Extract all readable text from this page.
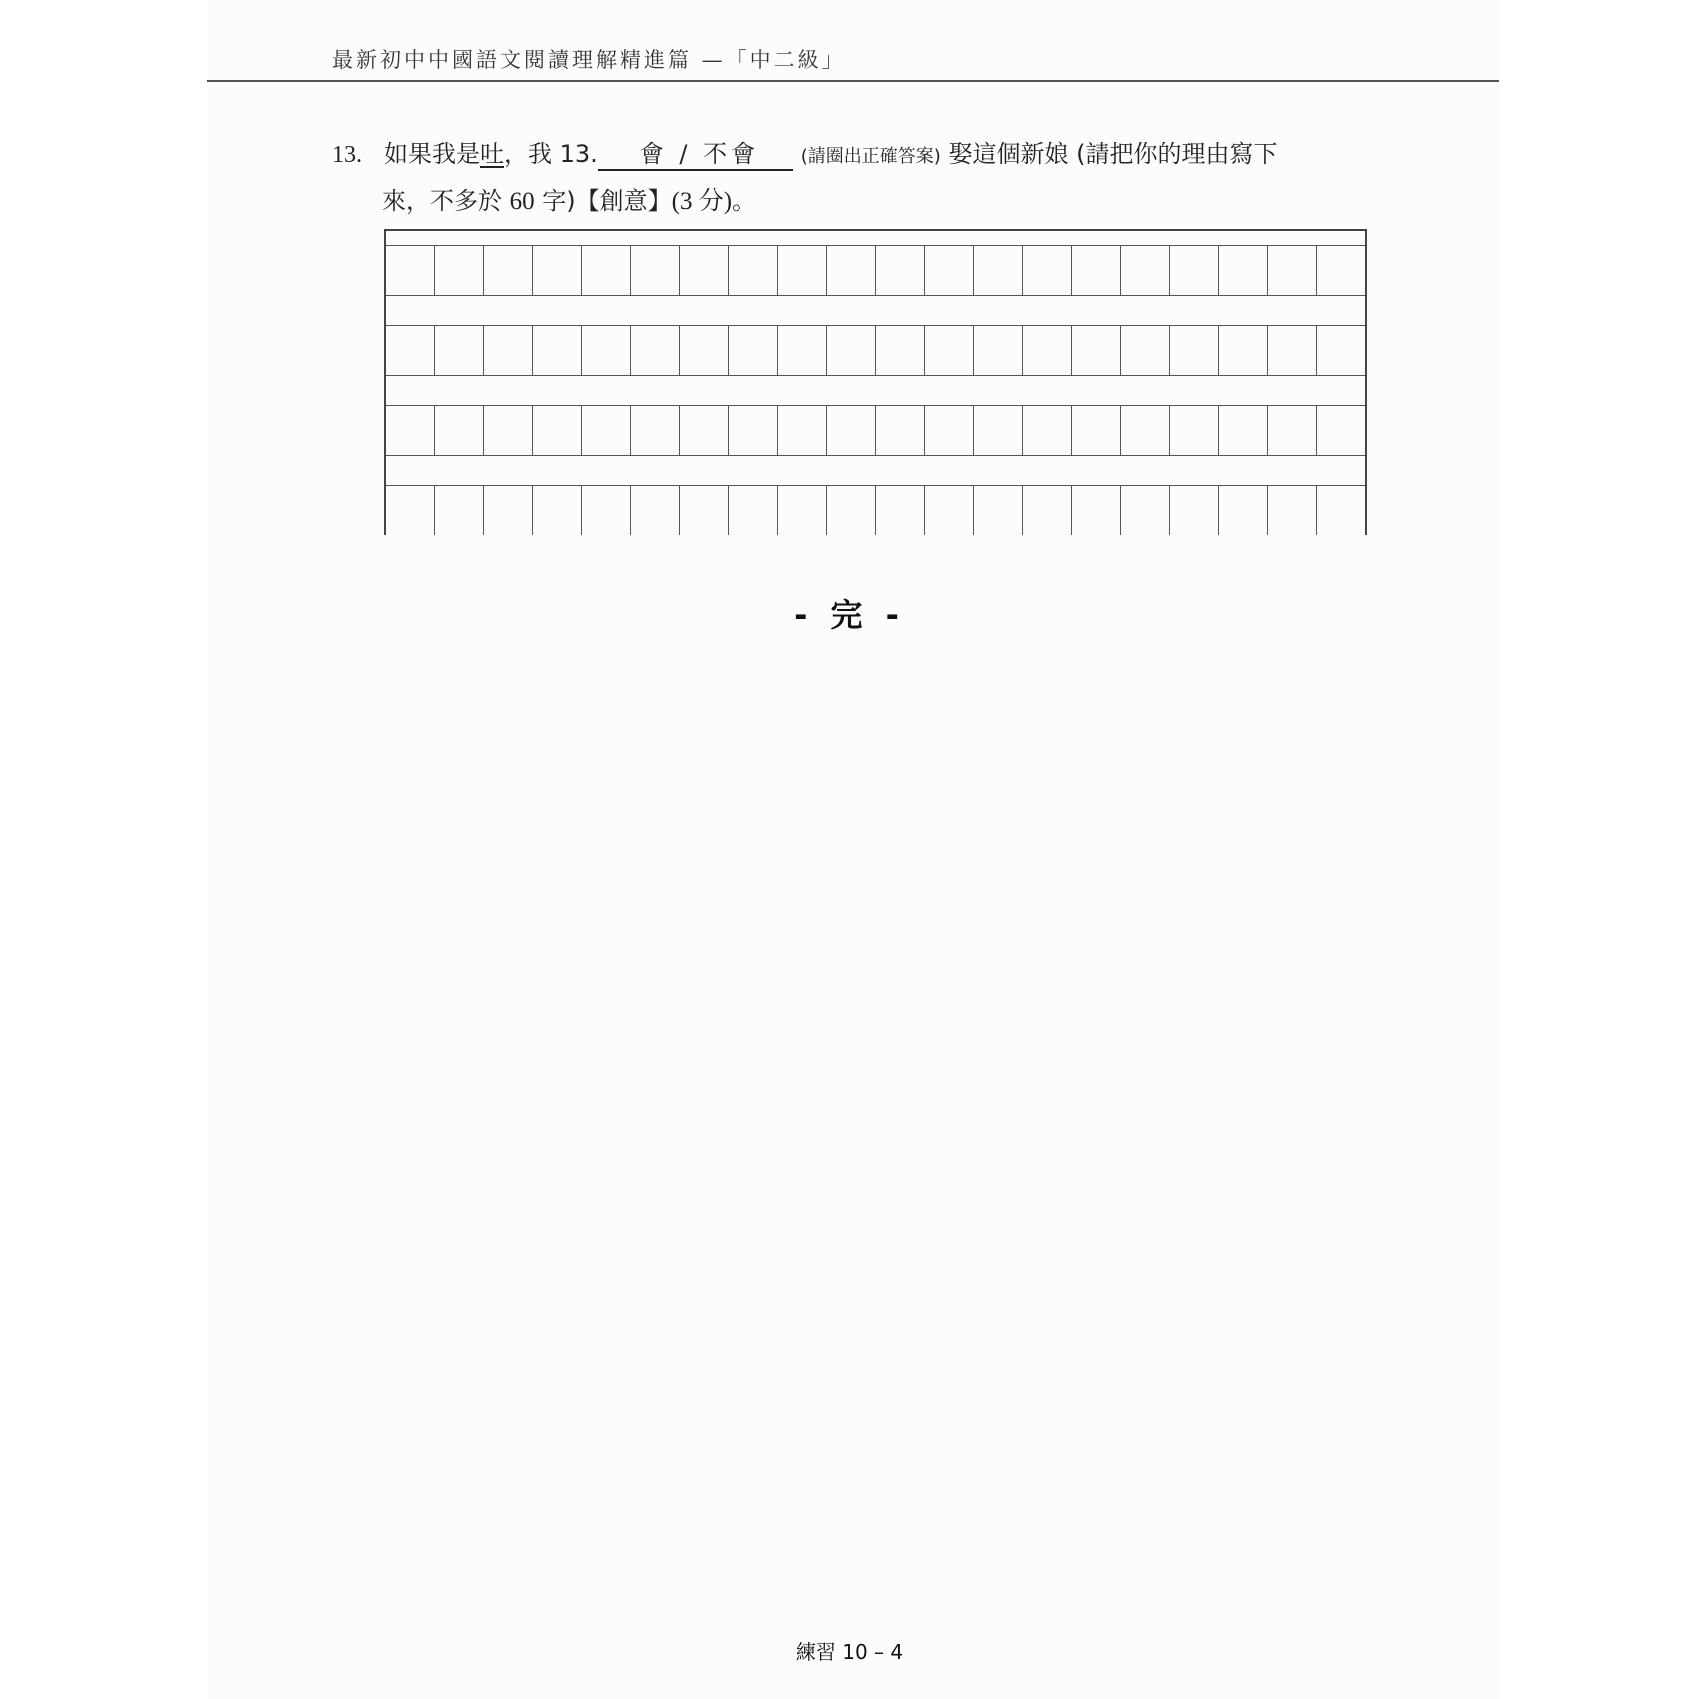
最新初中中國語文閱讀理解精進篇 —「中二級」
13. 如果我是吐，我 13. 會 / 不會 (請圈出正確答案) 娶這個新娘 (請把你的理由寫下
來，不多於 60 字)【創意】(3 分)。
- 完 -
練習 10 – 4
